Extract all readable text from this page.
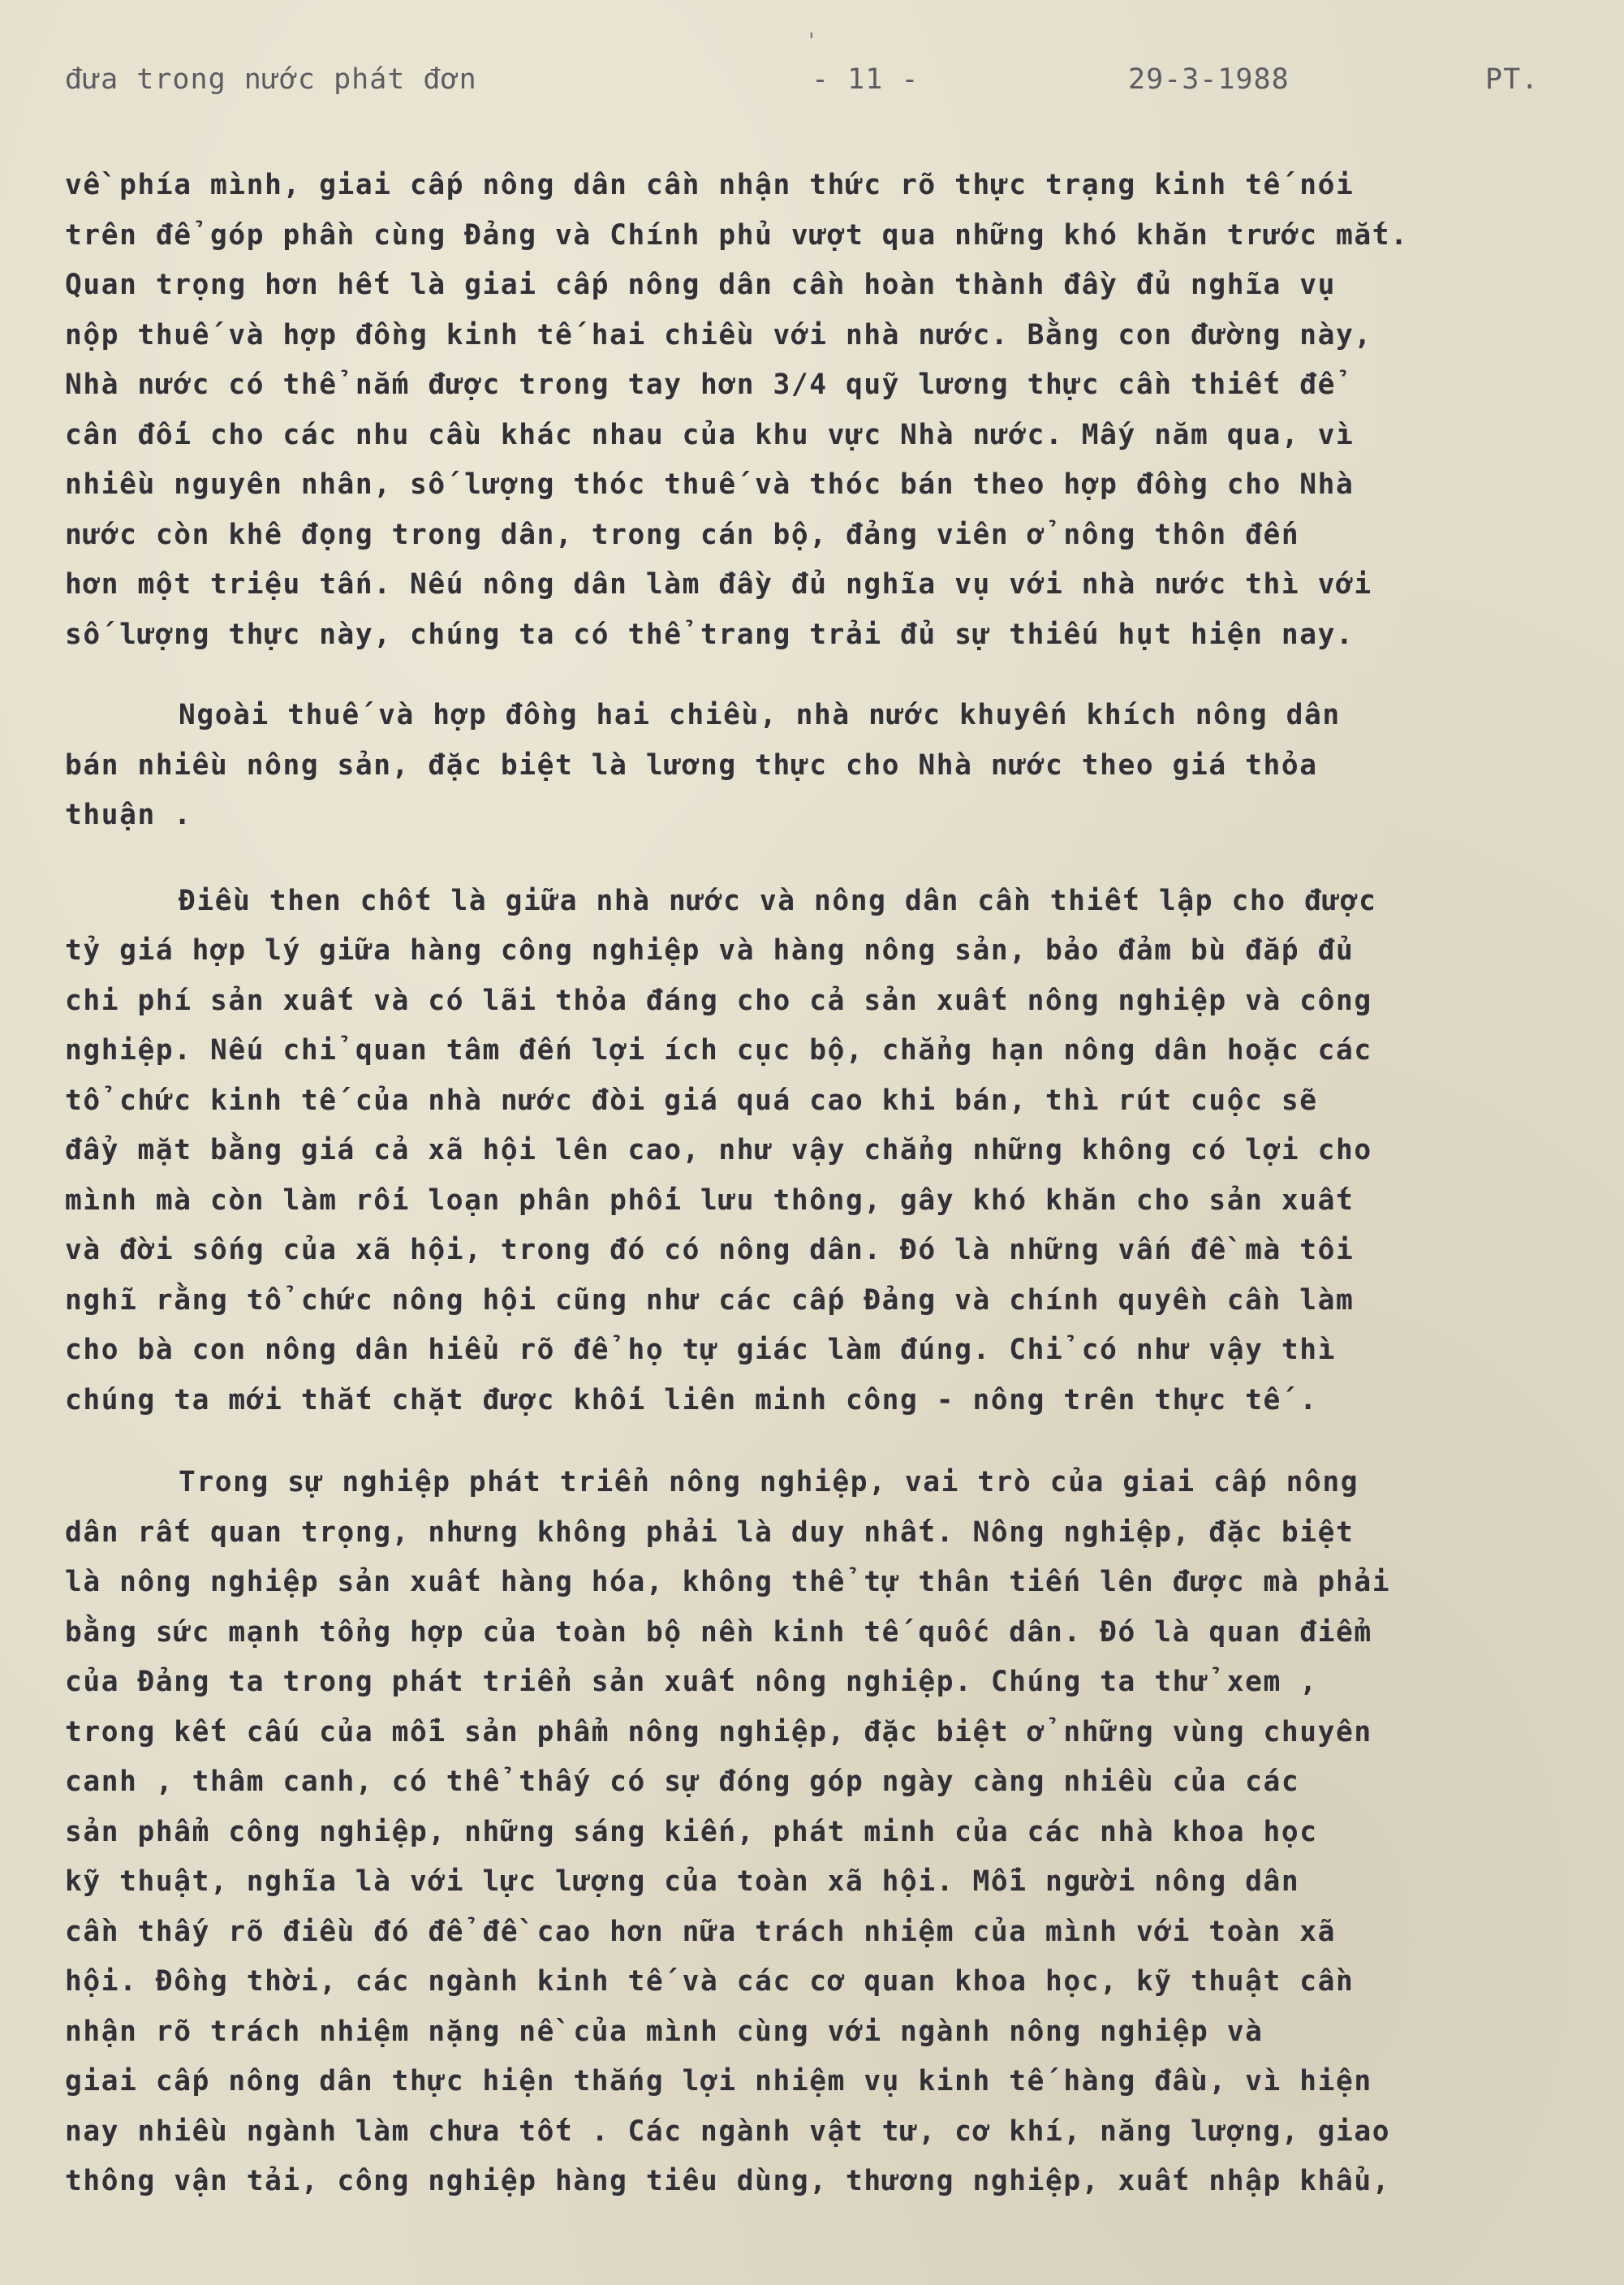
đưa trong nước phát đơn	- 11 -	29-3-1988	PT.
'
về phía mình, giai cấp nông dân cần nhận thức rõ thực trạng kinh tế nói
trên để góp phần cùng Đảng và Chính phủ vượt qua những khó khăn trước mắt.
Quan trọng hơn hết là giai cấp nông dân cần hoàn thành đầy đủ nghĩa vụ
nộp thuế và hợp đồng kinh tế hai chiều với nhà nước. Bằng con đường này,
Nhà nước có thể nắm được trong tay hơn 3/4 quỹ lương thực cần thiết để
cân đối cho các nhu cầu khác nhau của khu vực Nhà nước. Mấy năm qua, vì
nhiều nguyên nhân, số lượng thóc thuế và thóc bán theo hợp đồng cho Nhà
nước còn khê đọng trong dân, trong cán bộ, đảng viên ở nông thôn đến
hơn một triệu tấn. Nếu nông dân làm đầy đủ nghĩa vụ với nhà nước thì với
số lượng thực này, chúng ta có thể trang trải đủ sự thiếu hụt hiện nay.
Ngoài thuế và hợp đồng hai chiều, nhà nước khuyến khích nông dân
bán nhiều nông sản, đặc biệt là lương thực cho Nhà nước theo giá thỏa
thuận .
Điều then chốt là giữa nhà nước và nông dân cần thiết lập cho được
tỷ giá hợp lý giữa hàng công nghiệp và hàng nông sản, bảo đảm bù đắp đủ
chi phí sản xuất và có lãi thỏa đáng cho cả sản xuất nông nghiệp và công
nghiệp. Nếu chỉ quan tâm đến lợi ích cục bộ, chẳng hạn nông dân hoặc các
tổ chức kinh tế của nhà nước đòi giá quá cao khi bán, thì rút cuộc sẽ
đẩy mặt bằng giá cả xã hội lên cao, như vậy chẳng những không có lợi cho
mình mà còn làm rối loạn phân phối lưu thông, gây khó khăn cho sản xuất
và đời sống của xã hội, trong đó có nông dân. Đó là những vấn đề mà tôi
nghĩ rằng tổ chức nông hội cũng như các cấp Đảng và chính quyền cần làm
cho bà con nông dân hiểu rõ để họ tự giác làm đúng. Chỉ có như vậy thì
chúng ta mới thắt chặt được khối liên minh công - nông trên thực tế .
Trong sự nghiệp phát triển nông nghiệp, vai trò của giai cấp nông
dân rất quan trọng, nhưng không phải là duy nhất. Nông nghiệp, đặc biệt
là nông nghiệp sản xuất hàng hóa, không thể tự thân tiến lên được mà phải
bằng sức mạnh tổng hợp của toàn bộ nền kinh tế quốc dân. Đó là quan điểm
của Đảng ta trong phát triển sản xuất nông nghiệp. Chúng ta thử xem ,
trong kết cấu của mỗi sản phẩm nông nghiệp, đặc biệt ở những vùng chuyên
canh , thâm canh, có thể thấy có sự đóng góp ngày càng nhiều của các
sản phẩm công nghiệp, những sáng kiến, phát minh của các nhà khoa học
kỹ thuật, nghĩa là với lực lượng của toàn xã hội. Mỗi người nông dân
cần thấy rõ điều đó để đề cao hơn nữa trách nhiệm của mình với toàn xã
hội. Đồng thời, các ngành kinh tế và các cơ quan khoa học, kỹ thuật cần
nhận rõ trách nhiệm nặng nề của mình cùng với ngành nông nghiệp và
giai cấp nông dân thực hiện thắng lợi nhiệm vụ kinh tế hàng đầu, vì hiện
nay nhiều ngành làm chưa tốt . Các ngành vật tư, cơ khí, năng lượng, giao
thông vận tải, công nghiệp hàng tiêu dùng, thương nghiệp, xuất nhập khẩu,
